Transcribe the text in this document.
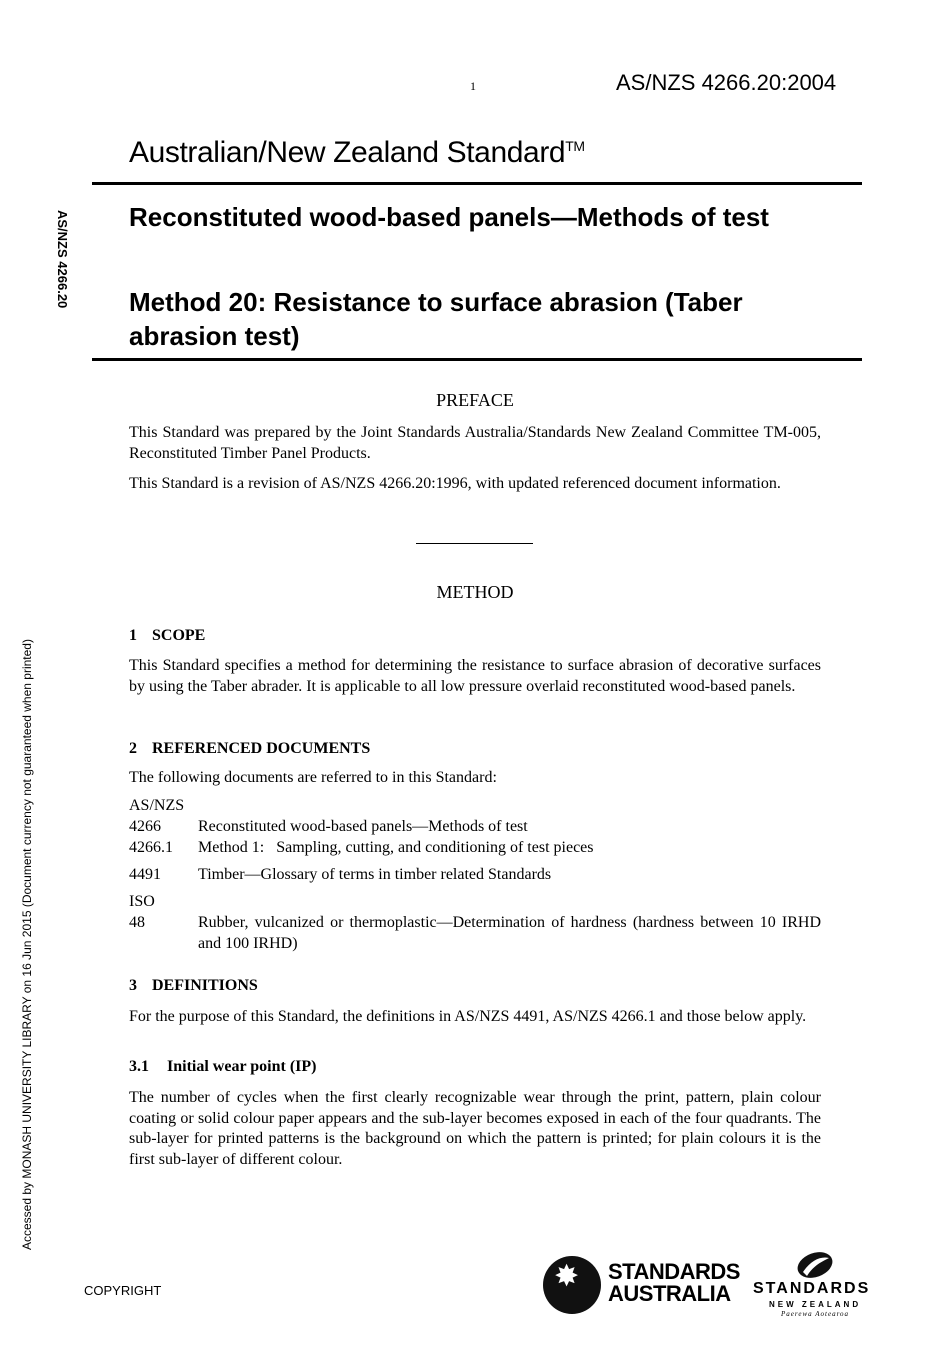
1	AS/NZS 4266.20:2004
Australian/New Zealand Standard™
AS/NZS 4266.20
Accessed by MONASH UNIVERSITY LIBRARY on 16 Jun 2015 (Document currency not guaranteed when printed)
Reconstituted wood-based panels—Methods of test
Method 20: Resistance to surface abrasion (Taber abrasion test)
PREFACE
This Standard was prepared by the Joint Standards Australia/Standards New Zealand Committee TM-005, Reconstituted Timber Panel Products.
This Standard is a revision of AS/NZS 4266.20:1996, with updated referenced document information.
METHOD
1 SCOPE
This Standard specifies a method for determining the resistance to surface abrasion of decorative surfaces by using the Taber abrader. It is applicable to all low pressure overlaid reconstituted wood-based panels.
2 REFERENCED DOCUMENTS
The following documents are referred to in this Standard:
AS/NZS
4266	Reconstituted wood-based panels—Methods of test
4266.1	Method 1:   Sampling, cutting, and conditioning of test pieces
4491	Timber—Glossary of terms in timber related Standards
ISO
48	Rubber, vulcanized or thermoplastic—Determination of hardness (hardness between 10 IRHD and 100 IRHD)
3 DEFINITIONS
For the purpose of this Standard, the definitions in AS/NZS 4491, AS/NZS 4266.1 and those below apply.
3.1 Initial wear point (IP)
The number of cycles when the first clearly recognizable wear through the print, pattern, plain colour coating or solid colour paper appears and the sub-layer becomes exposed in each of the four quadrants. The sub-layer for printed patterns is the background on which the pattern is printed; for plain colours it is the first sub-layer of different colour.
COPYRIGHT	✸ STANDARDS AUSTRALIA	STANDARDS
NEW ZEALAND
Paerewa Aotearoa
